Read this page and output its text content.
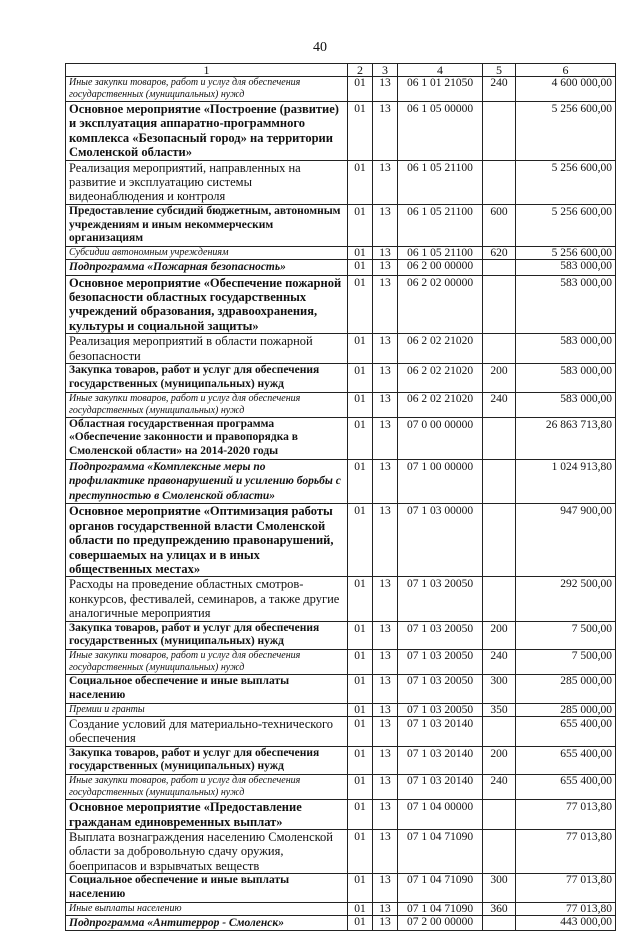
40
1	2	3	4	5	6
Иные закупки товаров, работ и услуг для обеспечения государственных (муниципальных) нужд	01	13	06 1 01 21050	240	4 600 000,00
Основное мероприятие «Построение (развитие) и эксплуатация аппаратно-программного комплекса «Безопасный город» на территории Смоленской области»	01	13	06 1 05 00000		5 256 600,00
Реализация мероприятий, направленных на развитие и эксплуатацию системы видеонаблюдения и контроля	01	13	06 1 05 21100		5 256 600,00
Предоставление субсидий бюджетным, автономным учреждениям и иным некоммерческим организациям	01	13	06 1 05 21100	600	5 256 600,00
Субсидии автономным учреждениям	01	13	06 1 05 21100	620	5 256 600,00
Подпрограмма «Пожарная безопасность»	01	13	06 2 00 00000		583 000,00
Основное мероприятие «Обеспечение пожарной безопасности областных государственных учреждений образования, здравоохранения, культуры и социальной защиты»	01	13	06 2 02 00000		583 000,00
Реализация мероприятий в области пожарной безопасности	01	13	06 2 02 21020		583 000,00
Закупка товаров, работ и услуг для обеспечения государственных (муниципальных) нужд	01	13	06 2 02 21020	200	583 000,00
Иные закупки товаров, работ и услуг для обеспечения государственных (муниципальных) нужд	01	13	06 2 02 21020	240	583 000,00
Областная государственная программа «Обеспечение законности и правопорядка в Смоленской области» на 2014-2020 годы	01	13	07 0 00 00000		26 863 713,80
Подпрограмма «Комплексные меры по профилактике правонарушений и усилению борьбы с преступностью в Смоленской области»	01	13	07 1 00 00000		1 024 913,80
Основное мероприятие «Оптимизация работы органов государственной власти Смоленской области по предупреждению правонарушений, совершаемых на улицах и в иных общественных местах»	01	13	07 1 03 00000		947 900,00
Расходы на проведение областных смотров-конкурсов, фестивалей, семинаров, а также другие аналогичные мероприятия	01	13	07 1 03 20050		292 500,00
Закупка товаров, работ и услуг для обеспечения государственных (муниципальных) нужд	01	13	07 1 03 20050	200	7 500,00
Иные закупки товаров, работ и услуг для обеспечения государственных (муниципальных) нужд	01	13	07 1 03 20050	240	7 500,00
Социальное обеспечение и иные выплаты населению	01	13	07 1 03 20050	300	285 000,00
Премии и гранты	01	13	07 1 03 20050	350	285 000,00
Создание условий для материально-технического обеспечения	01	13	07 1 03 20140		655 400,00
Закупка товаров, работ и услуг для обеспечения государственных (муниципальных) нужд	01	13	07 1 03 20140	200	655 400,00
Иные закупки товаров, работ и услуг для обеспечения государственных (муниципальных) нужд	01	13	07 1 03 20140	240	655 400,00
Основное мероприятие «Предоставление гражданам единовременных выплат»	01	13	07 1 04 00000		77 013,80
Выплата вознаграждения населению Смоленской области за добровольную сдачу оружия, боеприпасов и взрывчатых веществ	01	13	07 1 04 71090		77 013,80
Социальное обеспечение и иные выплаты населению	01	13	07 1 04 71090	300	77 013,80
Иные выплаты населению	01	13	07 1 04 71090	360	77 013,80
Подпрограмма «Антитеррор - Смоленск»	01	13	07 2 00 00000		443 000,00
